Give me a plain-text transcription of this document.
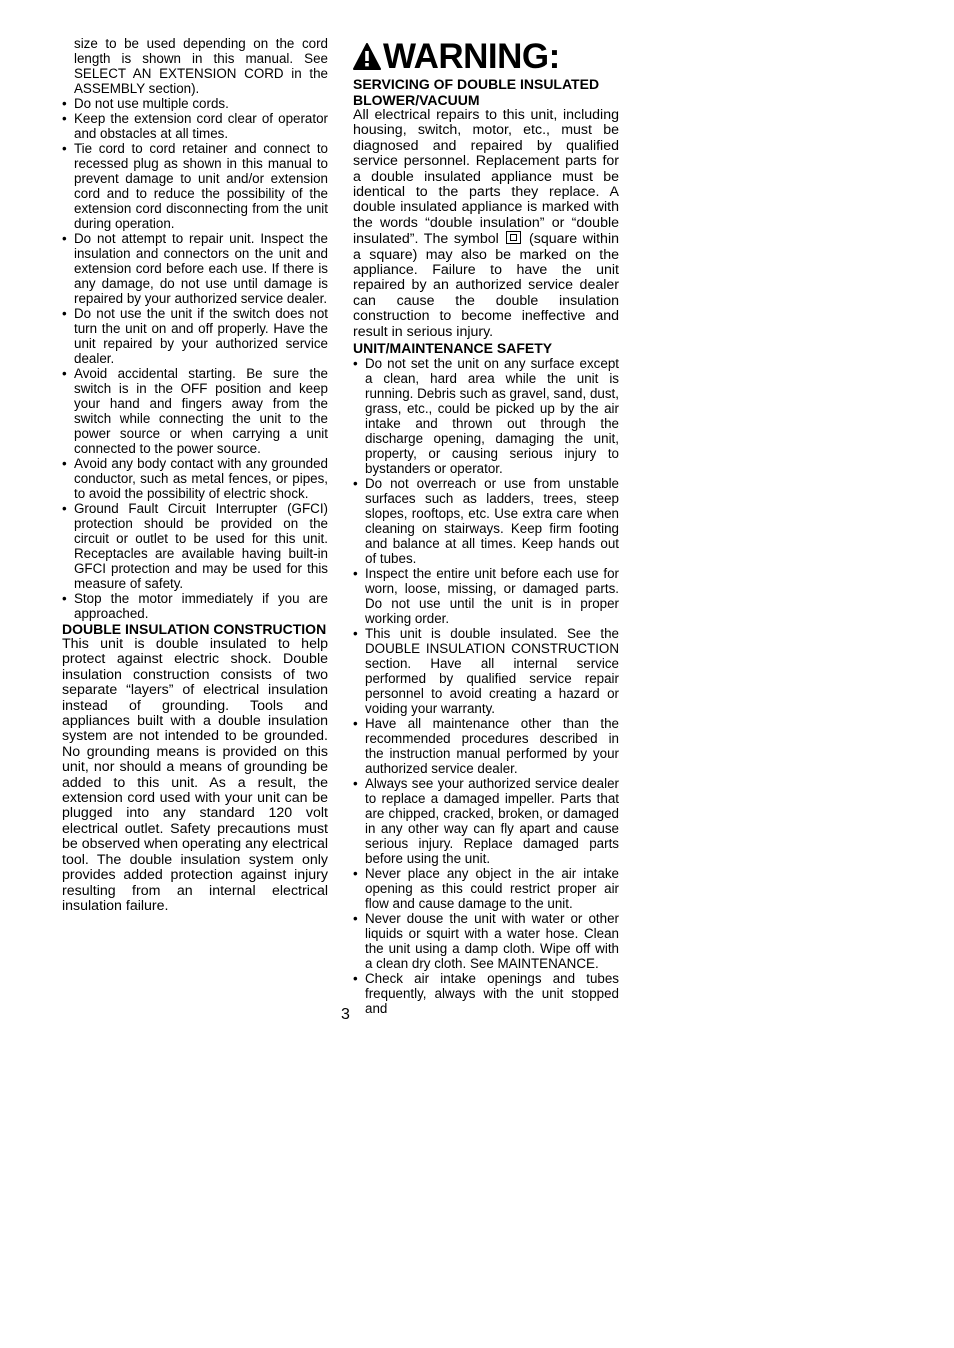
size to be used depending on the cord length is shown in this manual. See SELECT AN EXTENSION CORD in the ASSEMBLY section).
• Do not use multiple cords.
• Keep the extension cord clear of operator and obstacles at all times.
• Tie cord to cord retainer and connect to recessed plug as shown in this manual to prevent damage to unit and/or extension cord and to reduce the possibility of the extension cord disconnecting from the unit during operation.
• Do not attempt to repair unit. Inspect the insulation and connectors on the unit and extension cord before each use. If there is any damage, do not use until damage is repaired by your authorized service dealer.
• Do not use the unit if the switch does not turn the unit on and off properly. Have the unit repaired by your authorized service dealer.
• Avoid accidental starting. Be sure the switch is in the OFF position and keep your hand and fingers away from the switch while connecting the unit to the power source or when carrying a unit connected to the power source.
• Avoid any body contact with any grounded conductor, such as metal fences, or pipes, to avoid the possibility of electric shock.
• Ground Fault Circuit Interrupter (GFCI) protection should be provided on the circuit or outlet to be used for this unit. Receptacles are available having built-in GFCI protection and may be used for this measure of safety.
• Stop the motor immediately if you are approached.
DOUBLE INSULATION CONSTRUCTION

This unit is double insulated to help protect against electric shock. Double insulation construction consists of two separate “layers” of electrical insulation instead of grounding. Tools and appliances built with a double insulation system are not intended to be grounded. No grounding means is provided on this unit, nor should a means of grounding be added to this unit. As a result, the extension cord used with your unit can be plugged into any standard 120 volt electrical outlet. Safety precautions must be observed when operating any electrical tool. The double insulation system only provides added protection against injury resulting from an internal electrical insulation failure.

WARNING:
SERVICING OF DOUBLE INSULATED BLOWER/VACUUM

All electrical repairs to this unit, including housing, switch, motor, etc., must be diagnosed and repaired by qualified service personnel. Replacement parts for a double insulated appliance must be identical to the parts they replace. A double insulated appliance is marked with the words “double insulation” or “double insulated”. The symbol (square within a square) may also be marked on the appliance. Failure to have the unit repaired by an authorized service dealer can cause the double insulation construction to become ineffective and result in serious injury.

UNIT/MAINTENANCE SAFETY
• Do not set the unit on any surface except a clean, hard area while the unit is running. Debris such as gravel, sand, dust, grass, etc., could be picked up by the air intake and thrown out through the discharge opening, damaging the unit, property, or causing serious injury to bystanders or operator.
• Do not overreach or use from unstable surfaces such as ladders, trees, steep slopes, rooftops, etc. Use extra care when cleaning on stairways. Keep firm footing and balance at all times. Keep hands out of tubes.
• Inspect the entire unit before each use for worn, loose, missing, or damaged parts. Do not use until the unit is in proper working order.
• This unit is double insulated. See the DOUBLE INSULATION CONSTRUCTION section. Have all internal service performed by qualified service repair personnel to avoid creating a hazard or voiding your warranty.
• Have all maintenance other than the recommended procedures described in the instruction manual performed by your authorized service dealer.
• Always see your authorized service dealer to replace a damaged impeller. Parts that are chipped, cracked, broken, or damaged in any other way can fly apart and cause serious injury. Replace damaged parts before using the unit.
• Never place any object in the air intake opening as this could restrict proper air flow and cause damage to the unit.
• Never douse the unit with water or other liquids or squirt with a water hose. Clean the unit using a damp cloth. Wipe off with a clean dry cloth. See MAINTENANCE.
• Check air intake openings and tubes frequently, always with the unit stopped and
3
